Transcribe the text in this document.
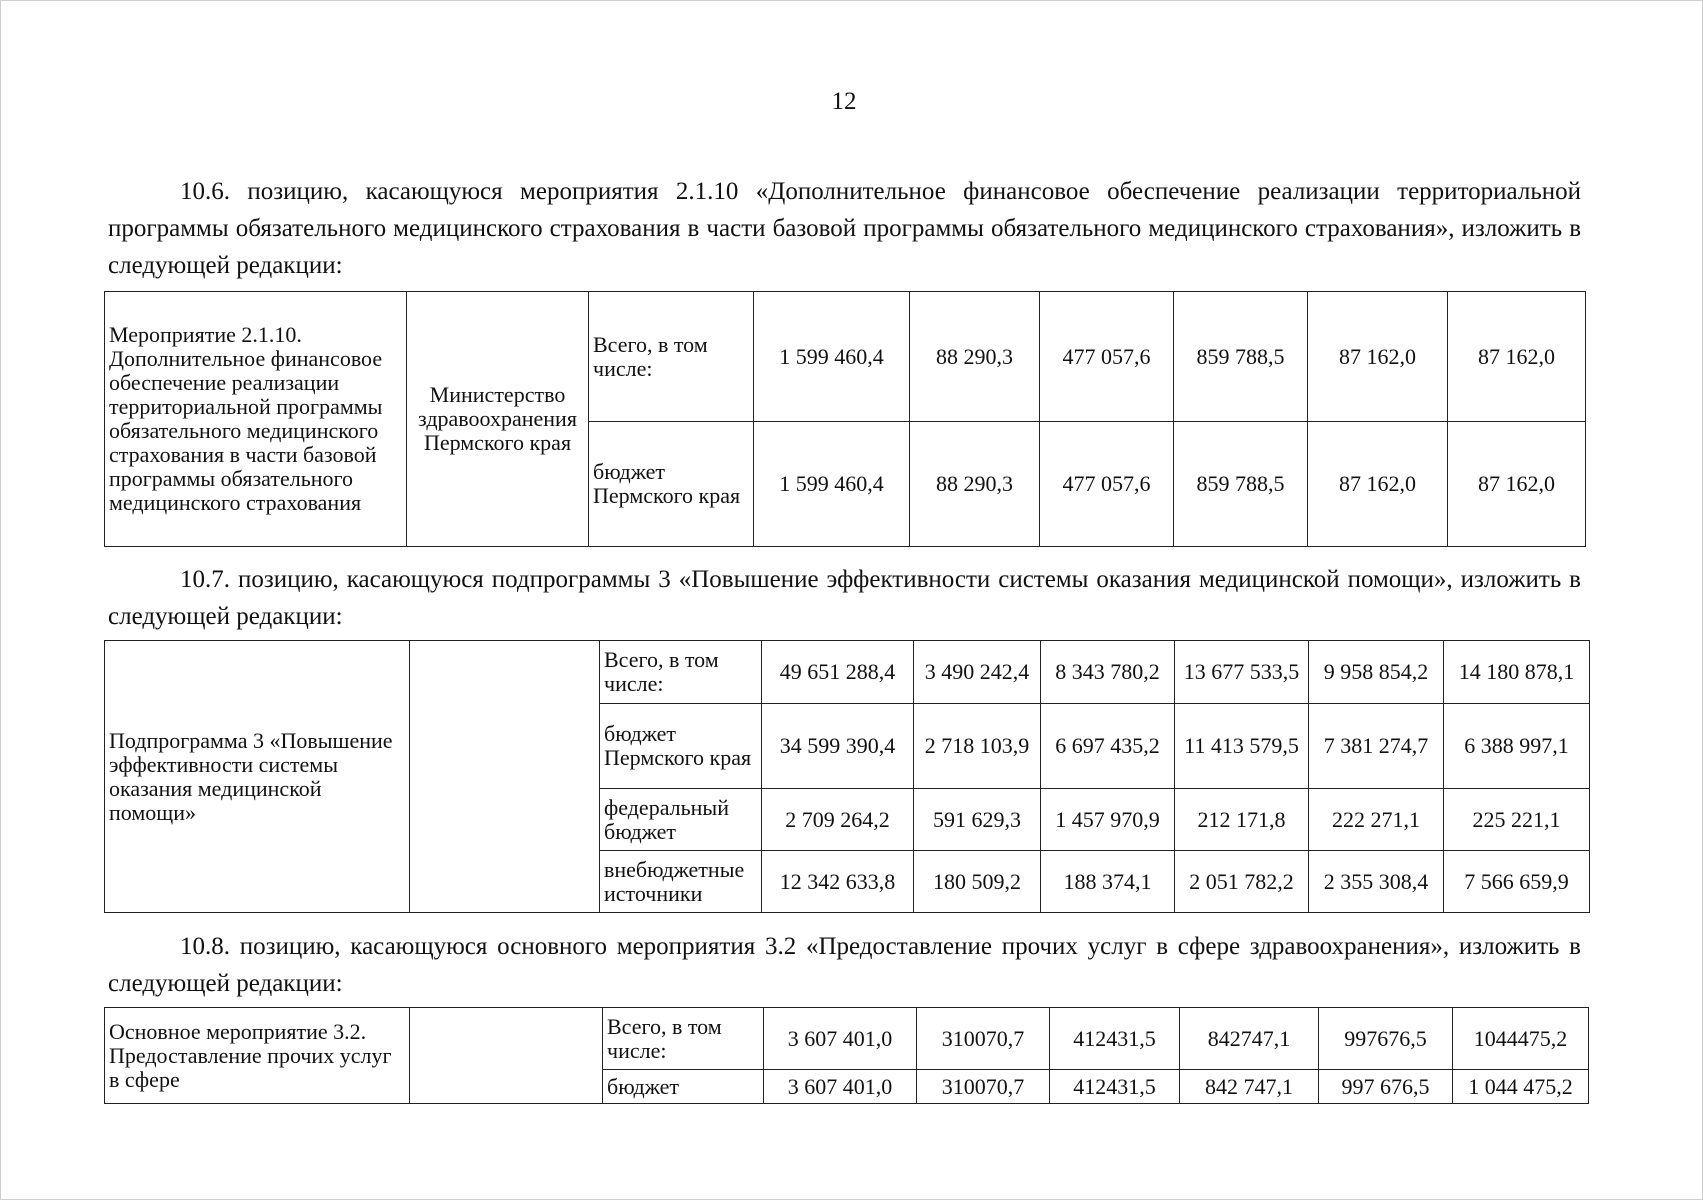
12

10.6. позицию, касающуюся мероприятия 2.1.10 «Дополнительное финансовое обеспечение реализации территориальной программы обязательного медицинского страхования в части базовой программы обязательного медицинского страхования», изложить в следующей редакции:

Мероприятие 2.1.10. Дополнительное финансовое обеспечение реализации территориальной программы обязательного медицинского страхования в части базовой программы обязательного медицинского страхования	Министерство здравоохранения Пермского края	Всего, в том числе:	1 599 460,4	88 290,3	477 057,6	859 788,5	87 162,0	87 162,0
		бюджет Пермского края	1 599 460,4	88 290,3	477 057,6	859 788,5	87 162,0	87 162,0

10.7. позицию, касающуюся подпрограммы 3 «Повышение эффективности системы оказания медицинской помощи», изложить в следующей редакции:

Подпрограмма 3 «Повышение эффективности системы оказания медицинской помощи»		Всего, в том числе:	49 651 288,4	3 490 242,4	8 343 780,2	13 677 533,5	9 958 854,2	14 180 878,1
		бюджет Пермского края	34 599 390,4	2 718 103,9	6 697 435,2	11 413 579,5	7 381 274,7	6 388 997,1
		федеральный бюджет	2 709 264,2	591 629,3	1 457 970,9	212 171,8	222 271,1	225 221,1
		внебюджетные источники	12 342 633,8	180 509,2	188 374,1	2 051 782,2	2 355 308,4	7 566 659,9

10.8. позицию, касающуюся основного мероприятия 3.2 «Предоставление прочих услуг в сфере здравоохранения», изложить в следующей редакции:

Основное мероприятие 3.2. Предоставление прочих услуг в сфере		Всего, в том числе:	3 607 401,0	310070,7	412431,5	842747,1	997676,5	1044475,2
		бюджет	3 607 401,0	310070,7	412431,5	842 747,1	997 676,5	1 044 475,2
